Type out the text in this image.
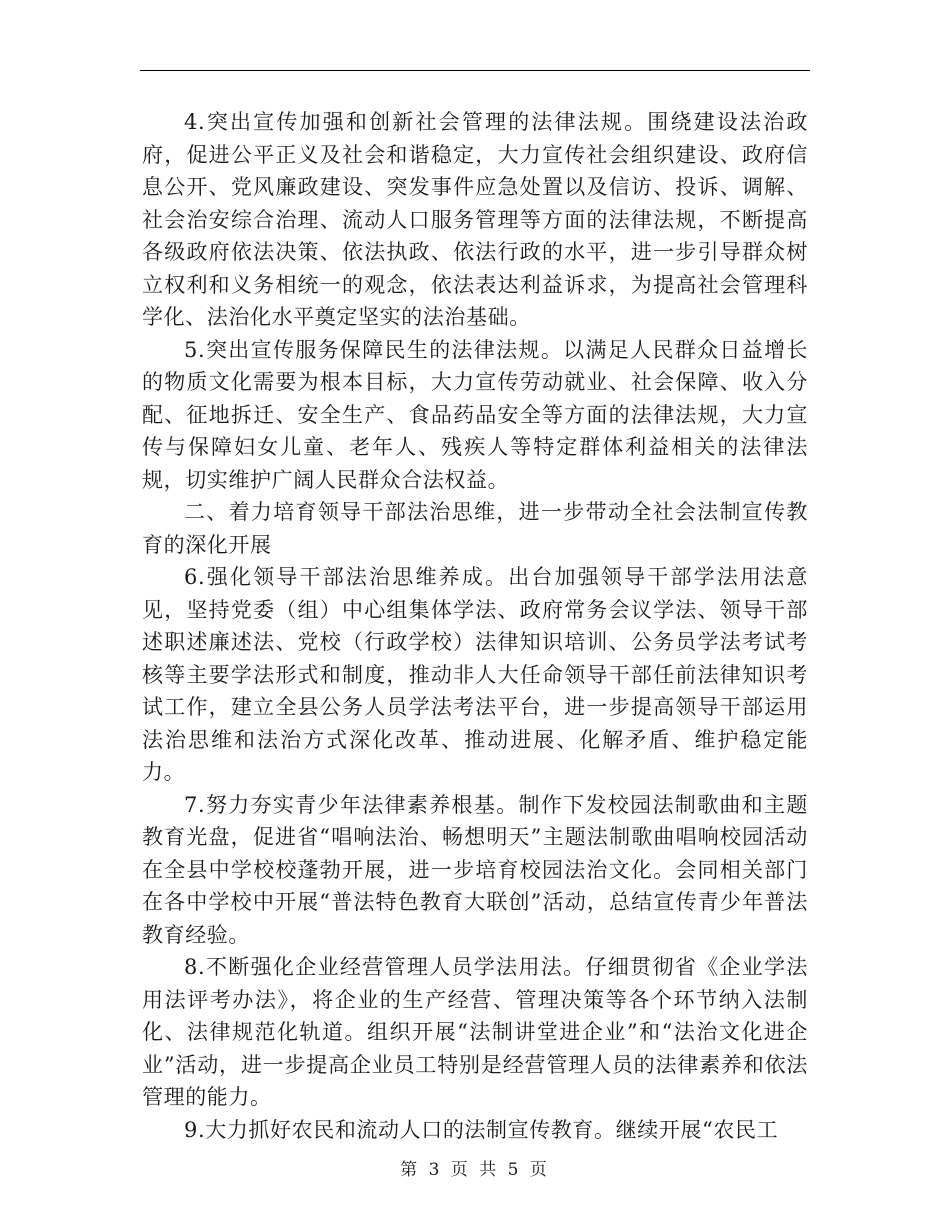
4.突出宣传加强和创新社会管理的法律法规。围绕建设法治政府，促进公平正义及社会和谐稳定，大力宣传社会组织建设、政府信息公开、党风廉政建设、突发事件应急处置以及信访、投诉、调解、社会治安综合治理、流动人口服务管理等方面的法律法规，不断提高各级政府依法决策、依法执政、依法行政的水平，进一步引导群众树立权利和义务相统一的观念，依法表达利益诉求，为提高社会管理科学化、法治化水平奠定坚实的法治基础。

5.突出宣传服务保障民生的法律法规。以满足人民群众日益增长的物质文化需要为根本目标，大力宣传劳动就业、社会保障、收入分配、征地拆迁、安全生产、食品药品安全等方面的法律法规，大力宣传与保障妇女儿童、老年人、残疾人等特定群体利益相关的法律法规，切实维护广阔人民群众合法权益。

二、着力培育领导干部法治思维，进一步带动全社会法制宣传教育的深化开展

6.强化领导干部法治思维养成。出台加强领导干部学法用法意见，坚持党委（组）中心组集体学法、政府常务会议学法、领导干部述职述廉述法、党校（行政学校）法律知识培训、公务员学法考试考核等主要学法形式和制度，推动非人大任命领导干部任前法律知识考试工作，建立全县公务人员学法考法平台，进一步提高领导干部运用法治思维和法治方式深化改革、推动进展、化解矛盾、维护稳定能力。

7.努力夯实青少年法律素养根基。制作下发校园法制歌曲和主题教育光盘，促进省“唱响法治、畅想明天”主题法制歌曲唱响校园活动在全县中学校校蓬勃开展，进一步培育校园法治文化。会同相关部门在各中学校中开展“普法特色教育大联创”活动，总结宣传青少年普法教育经验。

8.不断强化企业经营管理人员学法用法。仔细贯彻省《企业学法用法评考办法》，将企业的生产经营、管理决策等各个环节纳入法制化、法律规范化轨道。组织开展“法制讲堂进企业”和“法治文化进企业”活动，进一步提高企业员工特别是经营管理人员的法律素养和依法管理的能力。

9.大力抓好农民和流动人口的法制宣传教育。继续开展“农民工

第 3 页 共 5 页
